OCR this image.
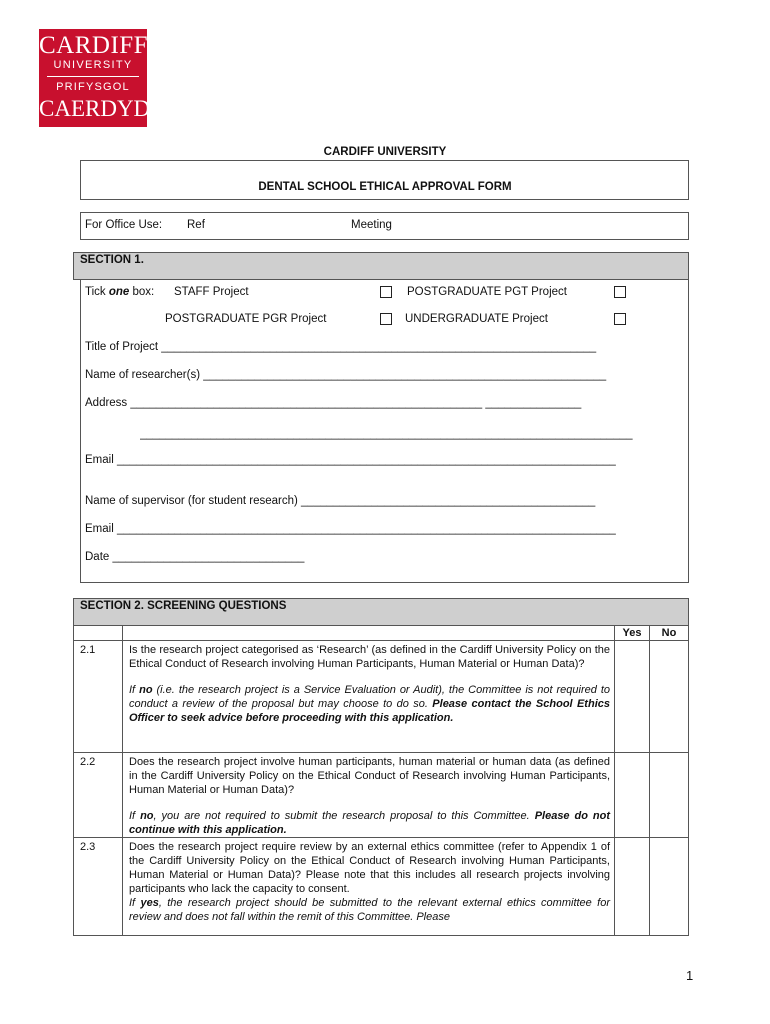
CARDIFF
UNIVERSITY
PRIFYSGOL
CAERDYDD
CARDIFF UNIVERSITY
DENTAL SCHOOL ETHICAL APPROVAL FORM
For Office Use: Ref	Meeting
SECTION 1.
Tick one box: STAFF Project	POSTGRADUATE PGT Project
POSTGRADUATE PGR Project	UNDERGRADUATE Project
Title of Project ____________________________________________________________________
Name of researcher(s) _______________________________________________________________
Address _______________________________________________________ _______________
_____________________________________________________________________________
Email ______________________________________________________________________________
Name of supervisor (for student research) ______________________________________________
Email ______________________________________________________________________________
Date ______________________________
SECTION 2. SCREENING QUESTIONS
		Yes	No
2.1	Is the research project categorised as ‘Research’ (as defined in the Cardiff University Policy on the Ethical Conduct of Research involving Human Participants, Human Material or Human Data)?

If no (i.e. the research project is a Service Evaluation or Audit), the Committee is not required to conduct a review of the proposal but may choose to do so. Please contact the School Ethics Officer to seek advice before proceeding with this application.		

2.2	Does the research project involve human participants, human material or human data (as defined in the Cardiff University Policy on the Ethical Conduct of Research involving Human Participants, Human Material or Human Data)?

If no, you are not required to submit the research proposal to this Committee. Please do not continue with this application.		

2.3	Does the research project require review by an external ethics committee (refer to Appendix 1 of the Cardiff University Policy on the Ethical Conduct of Research involving Human Participants, Human Material or Human Data)? Please note that this includes all research projects involving participants who lack the capacity to consent.

If yes, the research project should be submitted to the relevant external ethics committee for review and does not fall within the remit of this Committee. Please		

1
